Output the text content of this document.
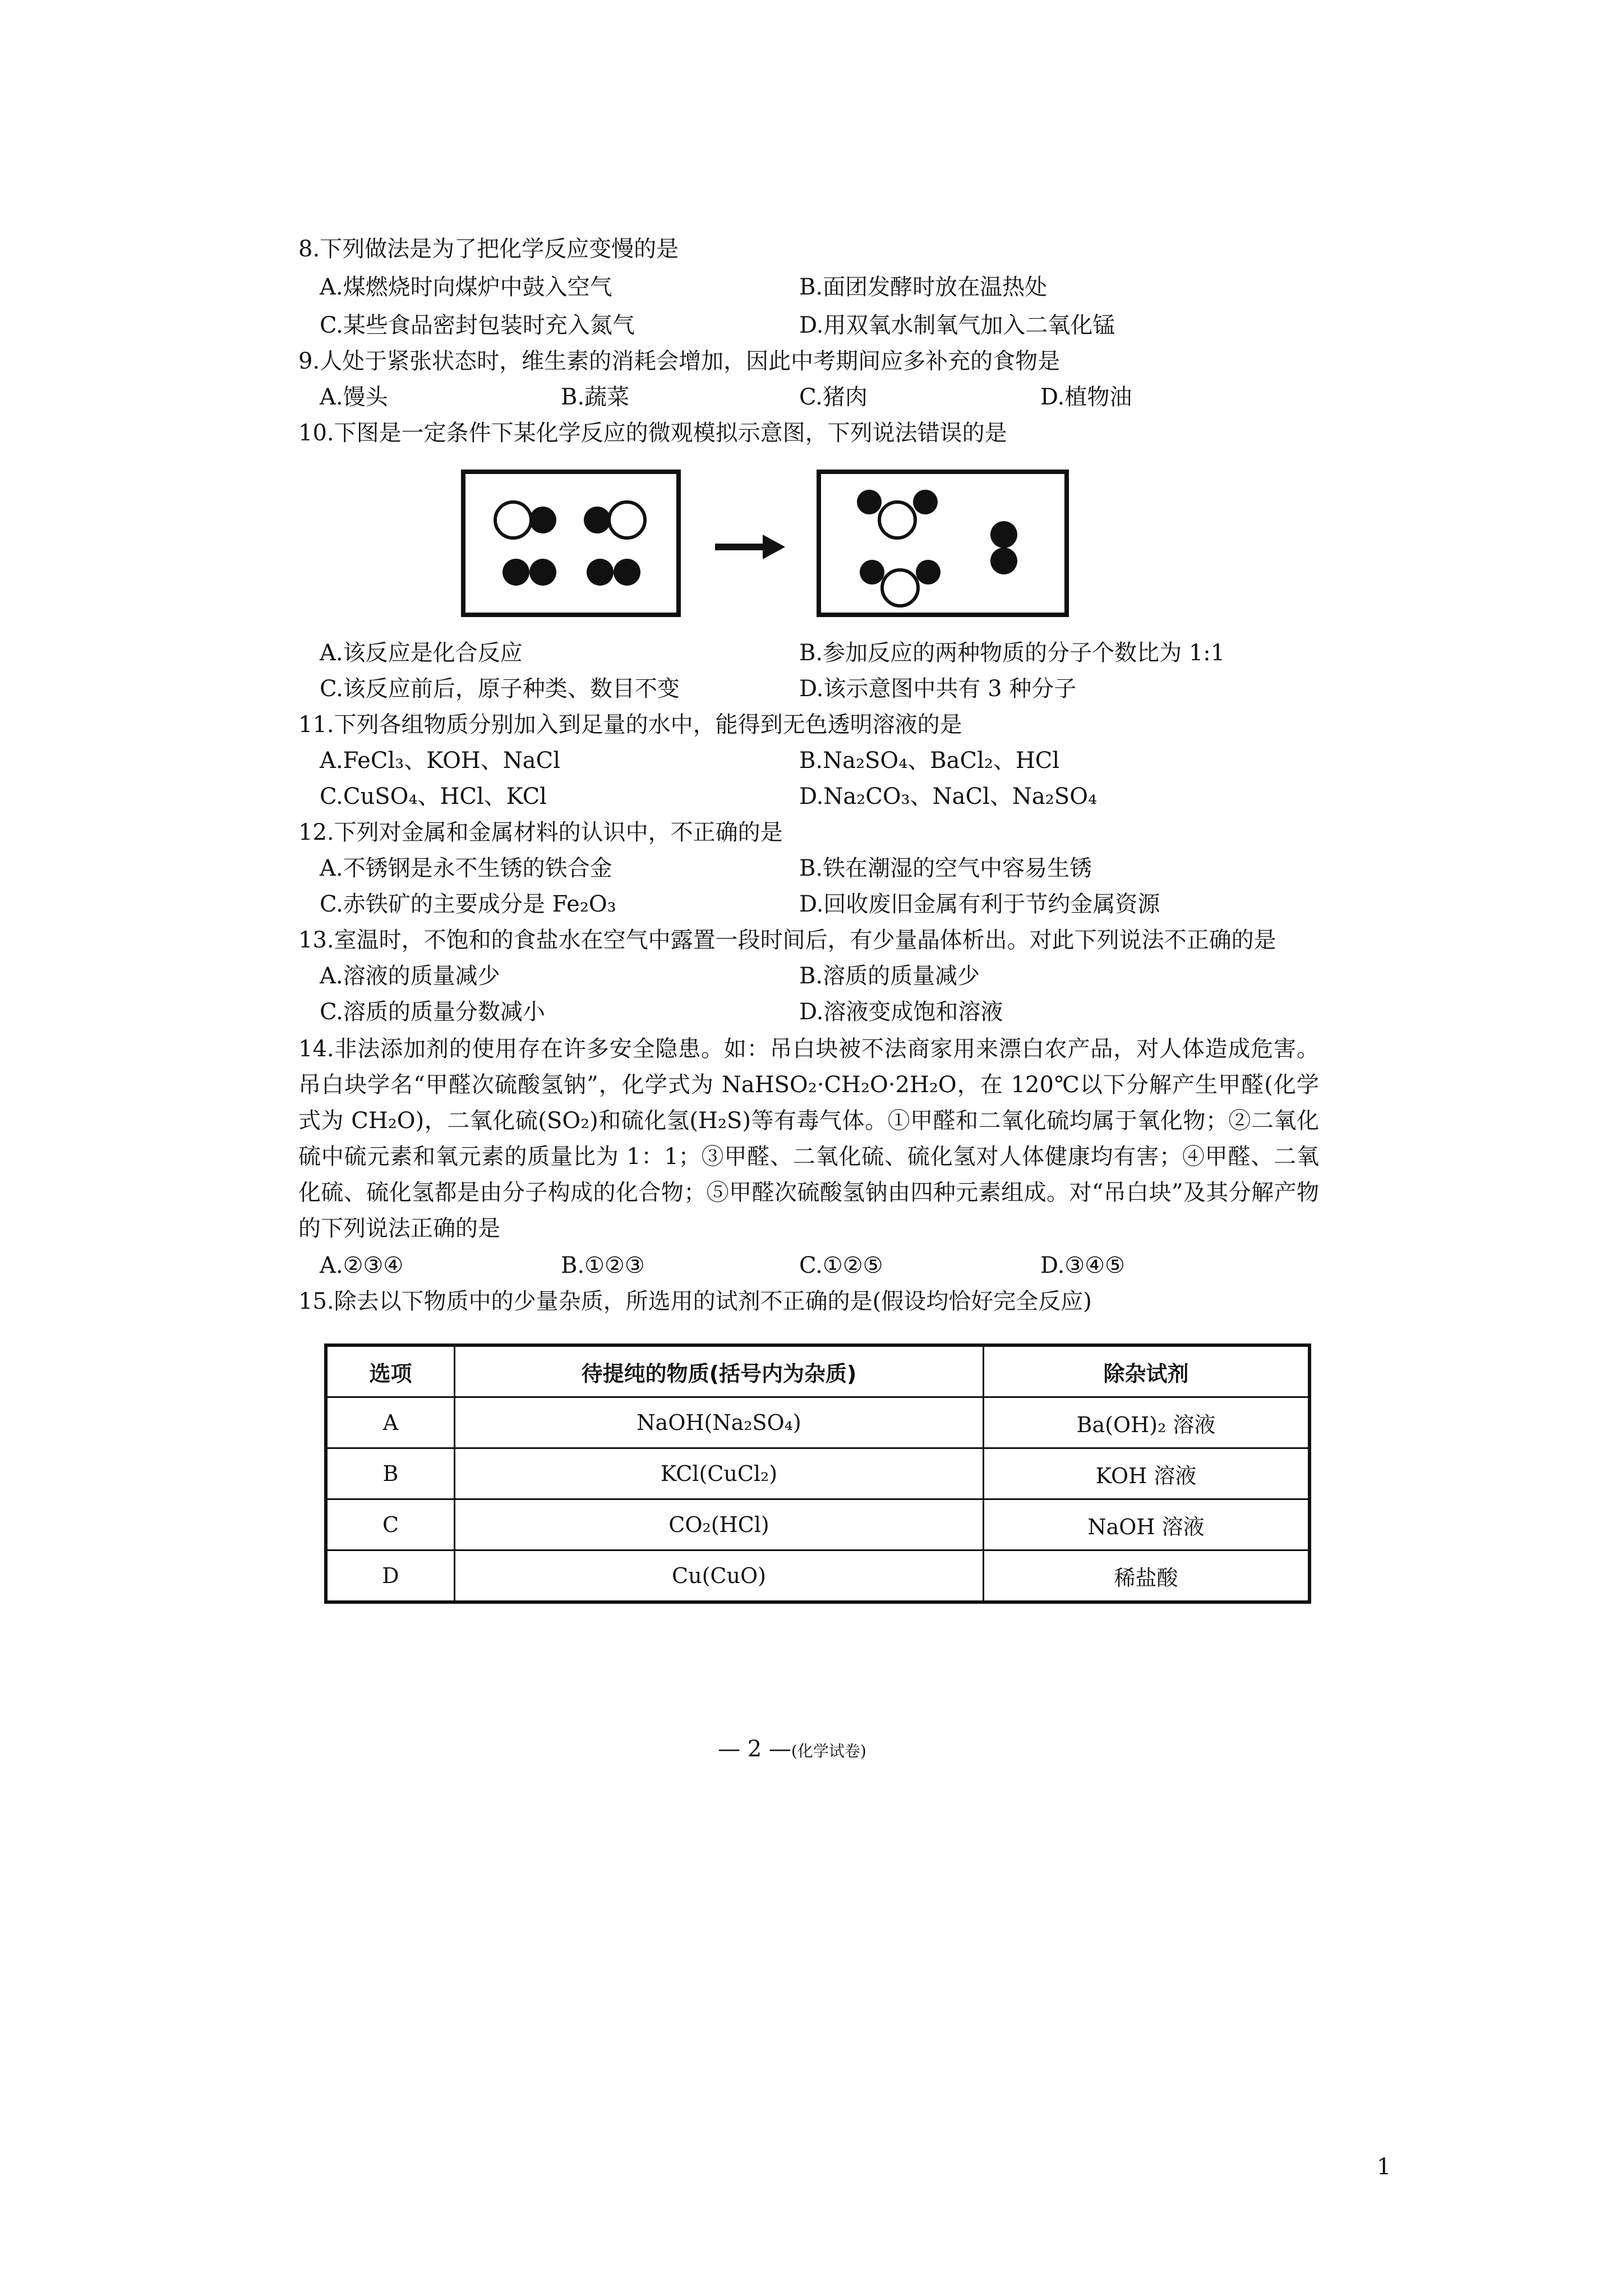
8.下列做法是为了把化学反应变慢的是
A.煤燃烧时向煤炉中鼓入空气	B.面团发酵时放在温热处
C.某些食品密封包装时充入氮气	D.用双氧水制氧气加入二氧化锰
9.人处于紧张状态时，维生素的消耗会增加，因此中考期间应多补充的食物是
A.馒头	B.蔬菜	C.猪肉	D.植物油
10.下图是一定条件下某化学反应的微观模拟示意图，下列说法错误的是
A.该反应是化合反应	B.参加反应的两种物质的分子个数比为 1:1
C.该反应前后，原子种类、数目不变	D.该示意图中共有 3 种分子
11.下列各组物质分别加入到足量的水中，能得到无色透明溶液的是
A.FeCl₃、KOH、NaCl	B.Na₂SO₄、BaCl₂、HCl
C.CuSO₄、HCl、KCl	D.Na₂CO₃、NaCl、Na₂SO₄
12.下列对金属和金属材料的认识中，不正确的是
A.不锈钢是永不生锈的铁合金	B.铁在潮湿的空气中容易生锈
C.赤铁矿的主要成分是 Fe₂O₃	D.回收废旧金属有利于节约金属资源
13.室温时，不饱和的食盐水在空气中露置一段时间后，有少量晶体析出。对此下列说法不正确的是
A.溶液的质量减少	B.溶质的质量减少
C.溶质的质量分数减小	D.溶液变成饱和溶液
14.非法添加剂的使用存在许多安全隐患。如：吊白块被不法商家用来漂白农产品，对人体造成危害。吊白块学名“甲醛次硫酸氢钠”，化学式为 NaHSO₂·CH₂O·2H₂O，在 120℃以下分解产生甲醛(化学式为 CH₂O)，二氧化硫(SO₂)和硫化氢(H₂S)等有毒气体。①甲醛和二氧化硫均属于氧化物；②二氧化硫中硫元素和氧元素的质量比为 1：1；③甲醛、二氧化硫、硫化氢对人体健康均有害；④甲醛、二氧化硫、硫化氢都是由分子构成的化合物；⑤甲醛次硫酸氢钠由四种元素组成。对“吊白块”及其分解产物的下列说法正确的是
A.②③④	B.①②③	C.①②⑤	D.③④⑤
15.除去以下物质中的少量杂质，所选用的试剂不正确的是(假设均恰好完全反应)
选项	待提纯的物质(括号内为杂质)	除杂试剂
A	NaOH(Na₂SO₄)	Ba(OH)₂ 溶液
B	KCl(CuCl₂)	KOH 溶液
C	CO₂(HCl)	NaOH 溶液
D	Cu(CuO)	稀盐酸
— 2 —(化学试卷)
1
